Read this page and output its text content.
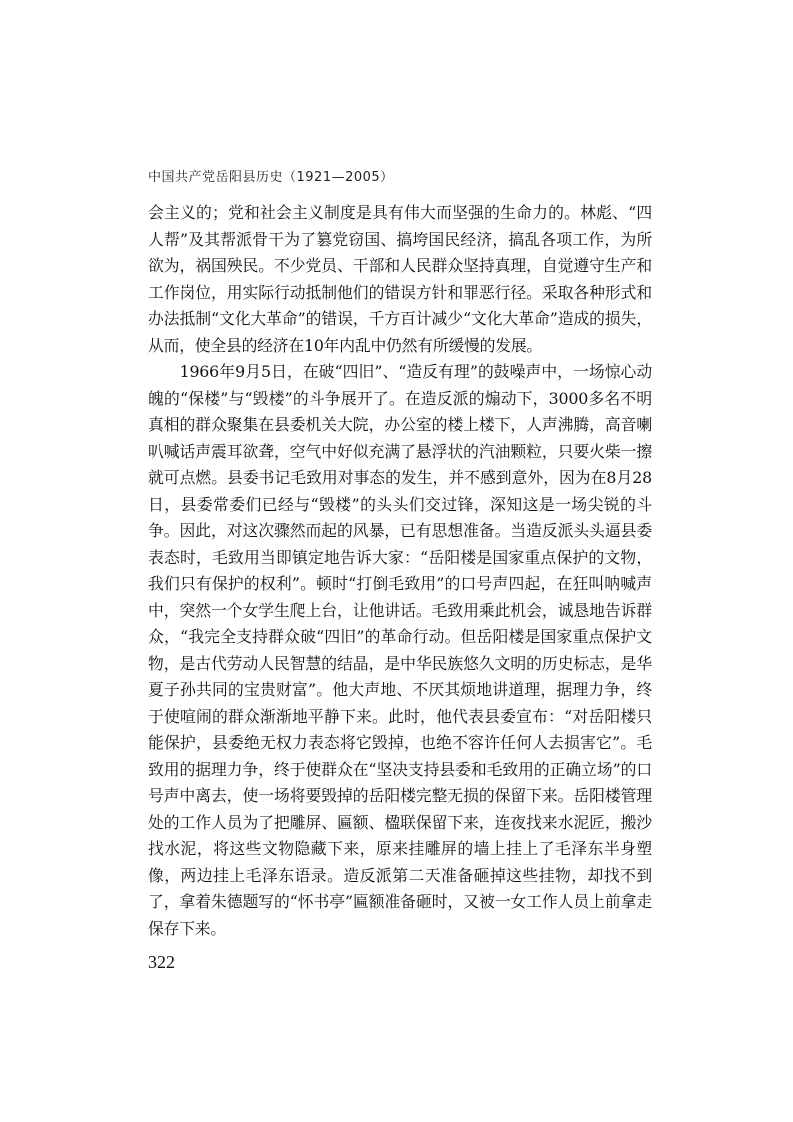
中国共产党岳阳县历史（1921—2005）

会主义的；党和社会主义制度是具有伟大而坚强的生命力的。林彪、“四人帮”及其帮派骨干为了篡党窃国、搞垮国民经济，搞乱各项工作，为所欲为，祸国殃民。不少党员、干部和人民群众坚持真理，自觉遵守生产和工作岗位，用实际行动抵制他们的错误方针和罪恶行径。采取各种形式和办法抵制“文化大革命”的错误，千方百计减少“文化大革命”造成的损失，从而，使全县的经济在10年内乱中仍然有所缓慢的发展。

1966年9月5日，在破“四旧”、“造反有理”的鼓噪声中，一场惊心动魄的“保楼”与“毁楼”的斗争展开了。在造反派的煽动下，3000多名不明真相的群众聚集在县委机关大院，办公室的楼上楼下，人声沸腾，高音喇叭喊话声震耳欲聋，空气中好似充满了悬浮状的汽油颗粒，只要火柴一擦就可点燃。县委书记毛致用对事态的发生，并不感到意外，因为在8月28日，县委常委们已经与“毁楼”的头头们交过锋，深知这是一场尖锐的斗争。因此，对这次骤然而起的风暴，已有思想准备。当造反派头头逼县委表态时，毛致用当即镇定地告诉大家：“岳阳楼是国家重点保护的文物，我们只有保护的权利”。顿时“打倒毛致用”的口号声四起，在狂叫呐喊声中，突然一个女学生爬上台，让他讲话。毛致用乘此机会，诚恳地告诉群众，“我完全支持群众破“四旧”的革命行动。但岳阳楼是国家重点保护文物，是古代劳动人民智慧的结晶，是中华民族悠久文明的历史标志，是华夏子孙共同的宝贵财富”。他大声地、不厌其烦地讲道理，据理力争，终于使喧闹的群众渐渐地平静下来。此时，他代表县委宣布：“对岳阳楼只能保护，县委绝无权力表态将它毁掉，也绝不容许任何人去损害它”。毛致用的据理力争，终于使群众在“坚决支持县委和毛致用的正确立场”的口号声中离去，使一场将要毁掉的岳阳楼完整无损的保留下来。岳阳楼管理处的工作人员为了把雕屏、匾额、楹联保留下来，连夜找来水泥匠，搬沙找水泥，将这些文物隐藏下来，原来挂雕屏的墙上挂上了毛泽东半身塑像，两边挂上毛泽东语录。造反派第二天准备砸掉这些挂物，却找不到了，拿着朱德题写的“怀书亭”匾额准备砸时，又被一女工作人员上前拿走保存下来。

322
